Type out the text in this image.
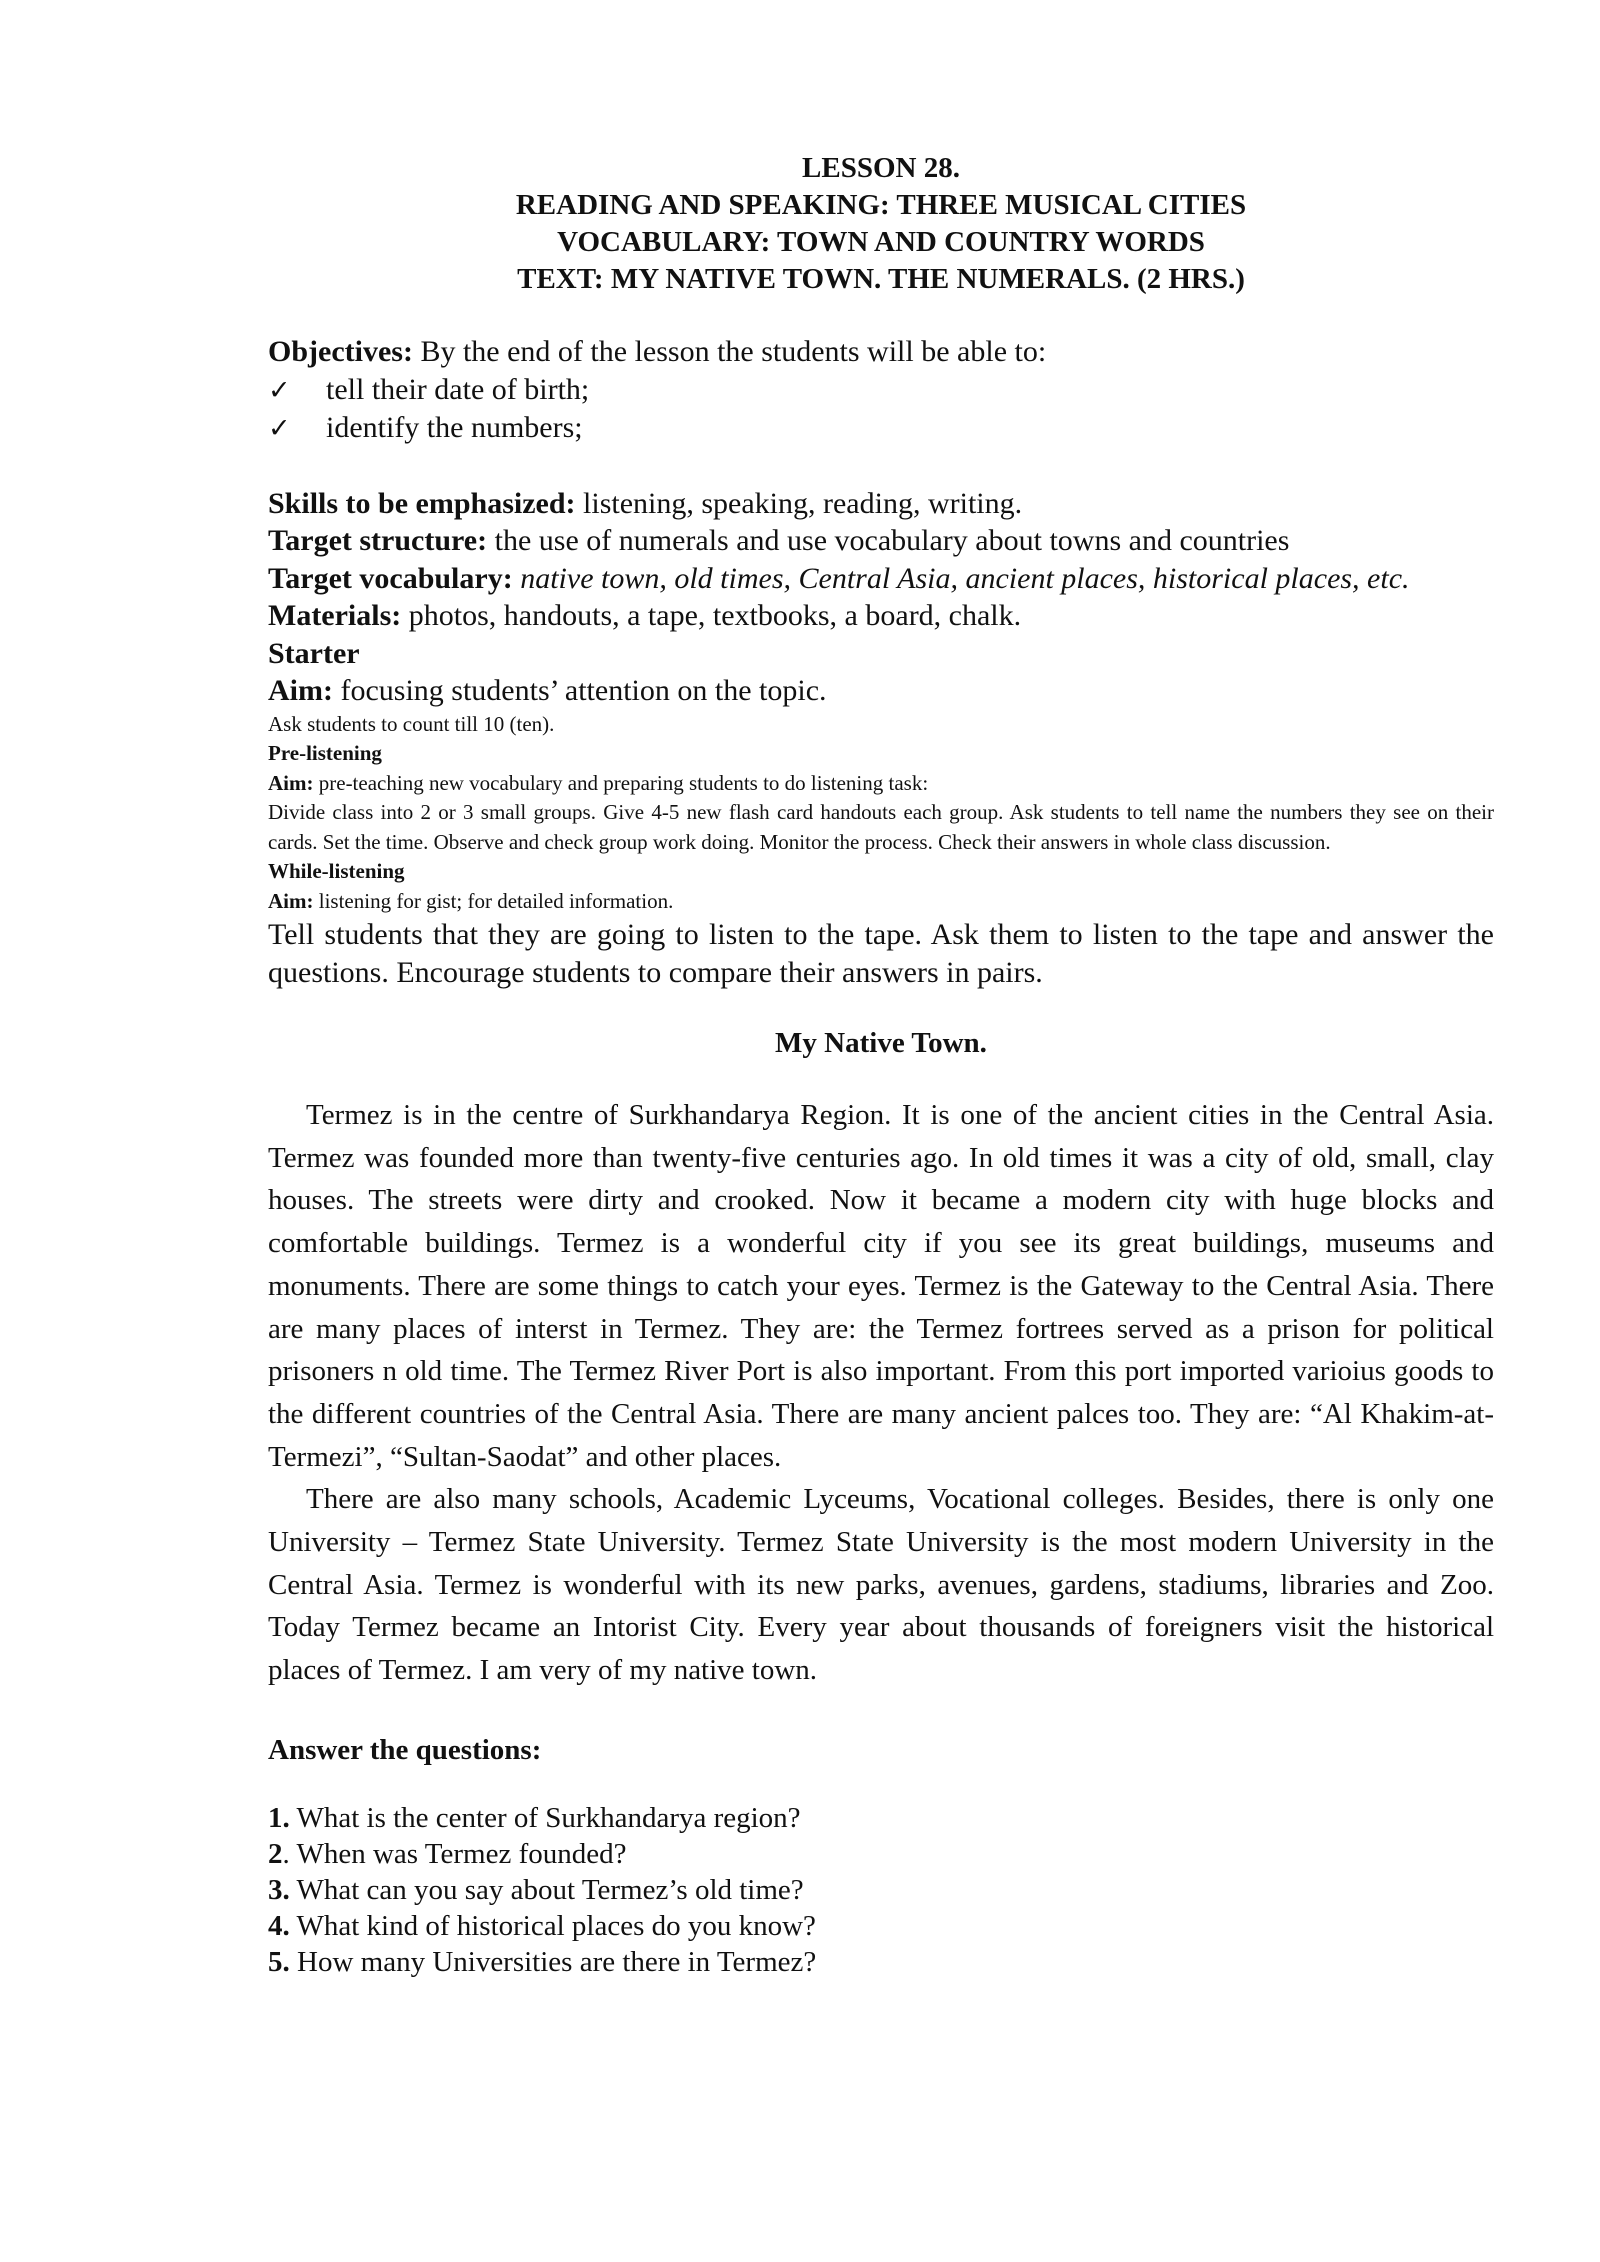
LESSON 28.
READING AND SPEAKING: THREE MUSICAL CITIES
VOCABULARY: TOWN AND COUNTRY WORDS
TEXT: MY NATIVE TOWN. THE NUMERALS. (2 HRS.)
Objectives: By the end of the lesson the students will be able to:
✓	tell their date of birth;
✓	identify the numbers;
Skills to be emphasized: listening, speaking, reading, writing.
Target structure: the use of numerals and use vocabulary about towns and countries
Target vocabulary: native town, old times, Central Asia, ancient places, historical places, etc.
Materials: photos, handouts, a tape, textbooks, a board, chalk.
Starter
Aim: focusing students’ attention on the topic.
Ask students to count till 10 (ten).
Pre-listening
Aim: pre-teaching new vocabulary and preparing students to do listening task:
Divide class into 2 or 3 small groups. Give 4-5 new flash card handouts each group. Ask students to tell name the numbers they see on their cards. Set the time. Observe and check group work doing. Monitor the process. Check their answers in whole class discussion.
While-listening
Aim: listening for gist; for detailed information.
Tell students that they are going to listen to the tape. Ask them to listen to the tape and answer the questions. Encourage students to compare their answers in pairs.
My Native Town.

Termez is in the centre of Surkhandarya Region. It is one of the ancient cities in the Central Asia. Termez was founded more than twenty-five centuries ago. In old times it was a city of old, small, clay houses. The streets were dirty and crooked. Now it became a modern city with huge blocks and comfortable buildings. Termez is a wonderful city if you see its great buildings, museums and monuments. There are some things to catch your eyes. Termez is the Gateway to the Central Asia. There are many places of interst in Termez. They are: the Termez fortrees served as a prison for political prisoners n old time. The Termez River Port is also important. From this port imported varioius goods to the different countries of the Central Asia. There are many ancient palces too. They are: “Al Khakim-at-Termezi”, “Sultan-Saodat” and other places.

There are also many schools, Academic Lyceums, Vocational colleges. Besides, there is only one University – Termez State University. Termez State University is the most modern University in the Central Asia. Termez is wonderful with its new parks, avenues, gardens, stadiums, libraries and Zoo. Today Termez became an Intorist City. Every year about thousands of foreigners visit the historical places of Termez. I am very of my native town.

Answer the questions:
1. What is the center of Surkhandarya region?
2. When was Termez founded?
3. What can you say about Termez’s old time?
4. What kind of historical places do you know?
5. How many Universities are there in Termez?
